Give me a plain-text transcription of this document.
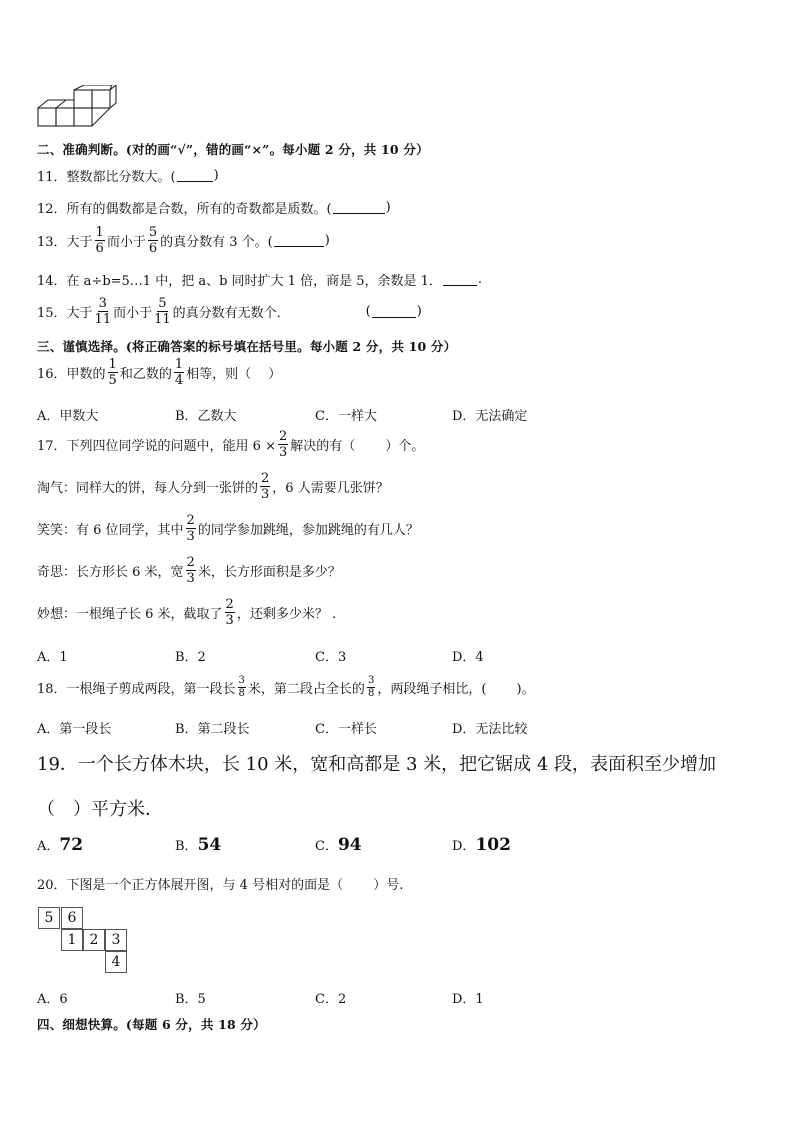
二、准确判断。(对的画“√”，错的画“×”。每小题 2 分，共 10 分）
11．整数都比分数大。(	)
12．所有的偶数都是合数，所有的奇数都是质数。(	)
13．大于 $\frac{1}{6}$ 而小于 $\frac{5}{6}$ 的真分数有 3 个。(	)
14．在 a÷b=5…1 中，把 a、b 同时扩大 1 倍，商是 5，余数是 1．	.
15．大于 $\frac{3}{11}$ 而小于 $\frac{5}{11}$ 的真分数有无数个．	(	)
三、谨慎选择。(将正确答案的标号填在括号里。每小题 2 分，共 10 分）
16．甲数的 $\frac{1}{5}$ 和乙数的 $\frac{1}{4}$ 相等，则（　 ）
A．甲数大	B．乙数大	C．一样大	D．无法确定
17．下列四位同学说的问题中，能用 $6 \times \frac{2}{3}$ 解决的有（　　 ）个。
淘气：同样大的饼，每人分到一张饼的 $\frac{2}{3}$ ，6 人需要几张饼？
笑笑：有 6 位同学，其中 $\frac{2}{3}$ 的同学参加跳绳，参加跳绳的有几人？
奇思：长方形长 6 米，宽 $\frac{2}{3}$ 米，长方形面积是多少？
妙想：一根绳子长 6 米，截取了 $\frac{2}{3}$ ，还剩多少米？ .
A．1	B．2	C．3	D．4
18．一根绳子剪成两段，第一段长 $\frac{3}{8}$ 米，第二段占全长的 $\frac{3}{8}$ ，两段绳子相比，(　　 )。
A．第一段长	B．第二段长	C．一样长	D．无法比较
19．一个长方体木块，长 10 米，宽和高都是 3 米，把它锯成 4 段，表面积至少增加
（　）平方米．
A．72	B．54	C．94	D．102
20．下图是一个正方体展开图，与 4 号相对的面是（　　 ）号.
5	6
1 2 3
4
A．6	B．5	C．2	D．1
四、细想快算。(每题 6 分，共 18 分）
